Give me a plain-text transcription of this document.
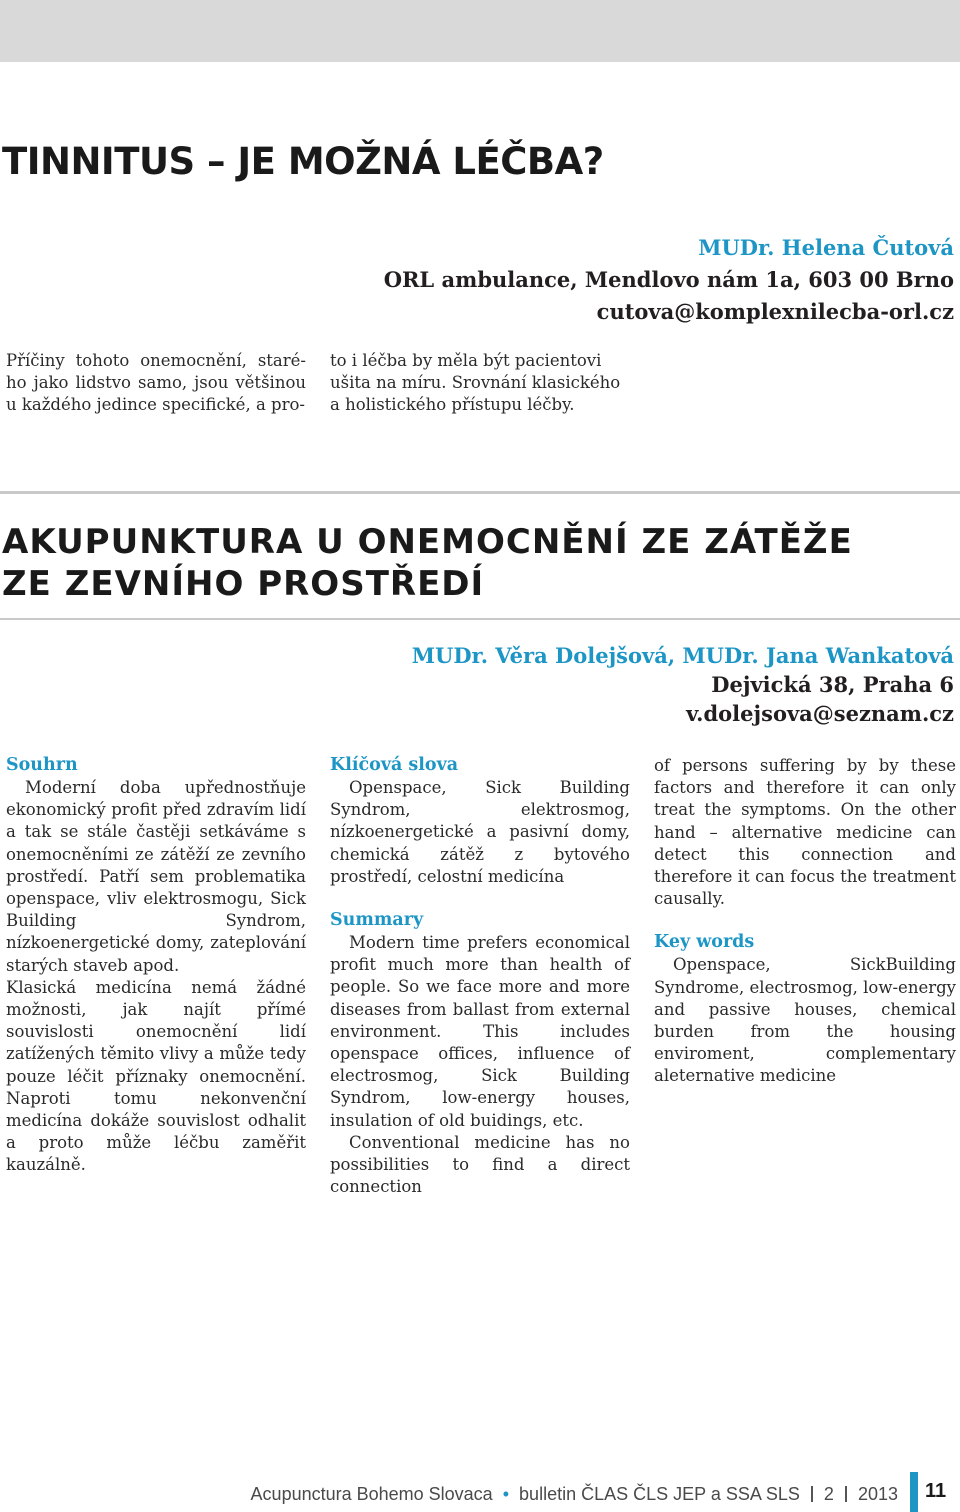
TINNITUS – JE MOŽNÁ LÉČBA?
MUDr. Helena Čutová
ORL ambulance, Mendlovo nám 1a, 603 00 Brno
cutova@komplexnilecba-orl.cz

Příčiny tohoto onemocnění, staré-ho jako lidstvo samo, jsou většinou u každého jedince specifické, a pro-

to i léčba by měla být pacientovi ušita na míru. Srovnání klasického a holistického přístupu léčby.

AKUPUNKTURA U ONEMOCNĚNÍ ZE ZÁTĚŽE
ZE ZEVNÍHO PROSTŘEDÍ
MUDr. Věra Dolejšová, MUDr. Jana Wankatová
Dejvická 38, Praha 6
v.dolejsova@seznam.cz
Souhrn

Moderní doba upřednostňuje ekonomický profit před zdravím lidí a tak se stále častěji setkáváme s onemocněními ze zátěží ze zevního prostředí. Patří sem problematika openspace, vliv elektrosmogu, Sick Building Syndrom, nízkoenergetické domy, zateplování starých staveb apod.

Klasická medicína nemá žádné možnosti, jak najít přímé souvislosti onemocnění lidí zatížených těmito vlivy a může tedy pouze léčit příznaky onemocnění. Naproti tomu nekonvenční medicína dokáže souvislost odhalit a proto může léčbu zaměřit kauzálně.

Klíčová slova

Openspace, Sick Building Syndrom, elektrosmog, nízkoenergetické a pasivní domy, chemická zátěž z bytového prostředí, celostní medicína

Summary

Modern time prefers economical profit much more than health of people. So we face more and more diseases from ballast from external environment. This includes openspace offices, influence of electrosmog, Sick Building Syndrom, low-energy houses, insulation of old buidings, etc.

Conventional medicine has no possibilities to find a direct connection

of persons suffering by by these factors and therefore it can only treat the symptoms. On the other hand – alternative medicine can detect this connection and therefore it can focus the treatment causally.

Key words

Openspace, SickBuilding Syndrome, electrosmog, low-energy and passive houses, chemical burden from the housing enviroment, complementary aleternative medicine

Acupunctura Bohemo Slovaca • bulletin ČLAS ČLS JEP a SSA SLS 2 2013 11
